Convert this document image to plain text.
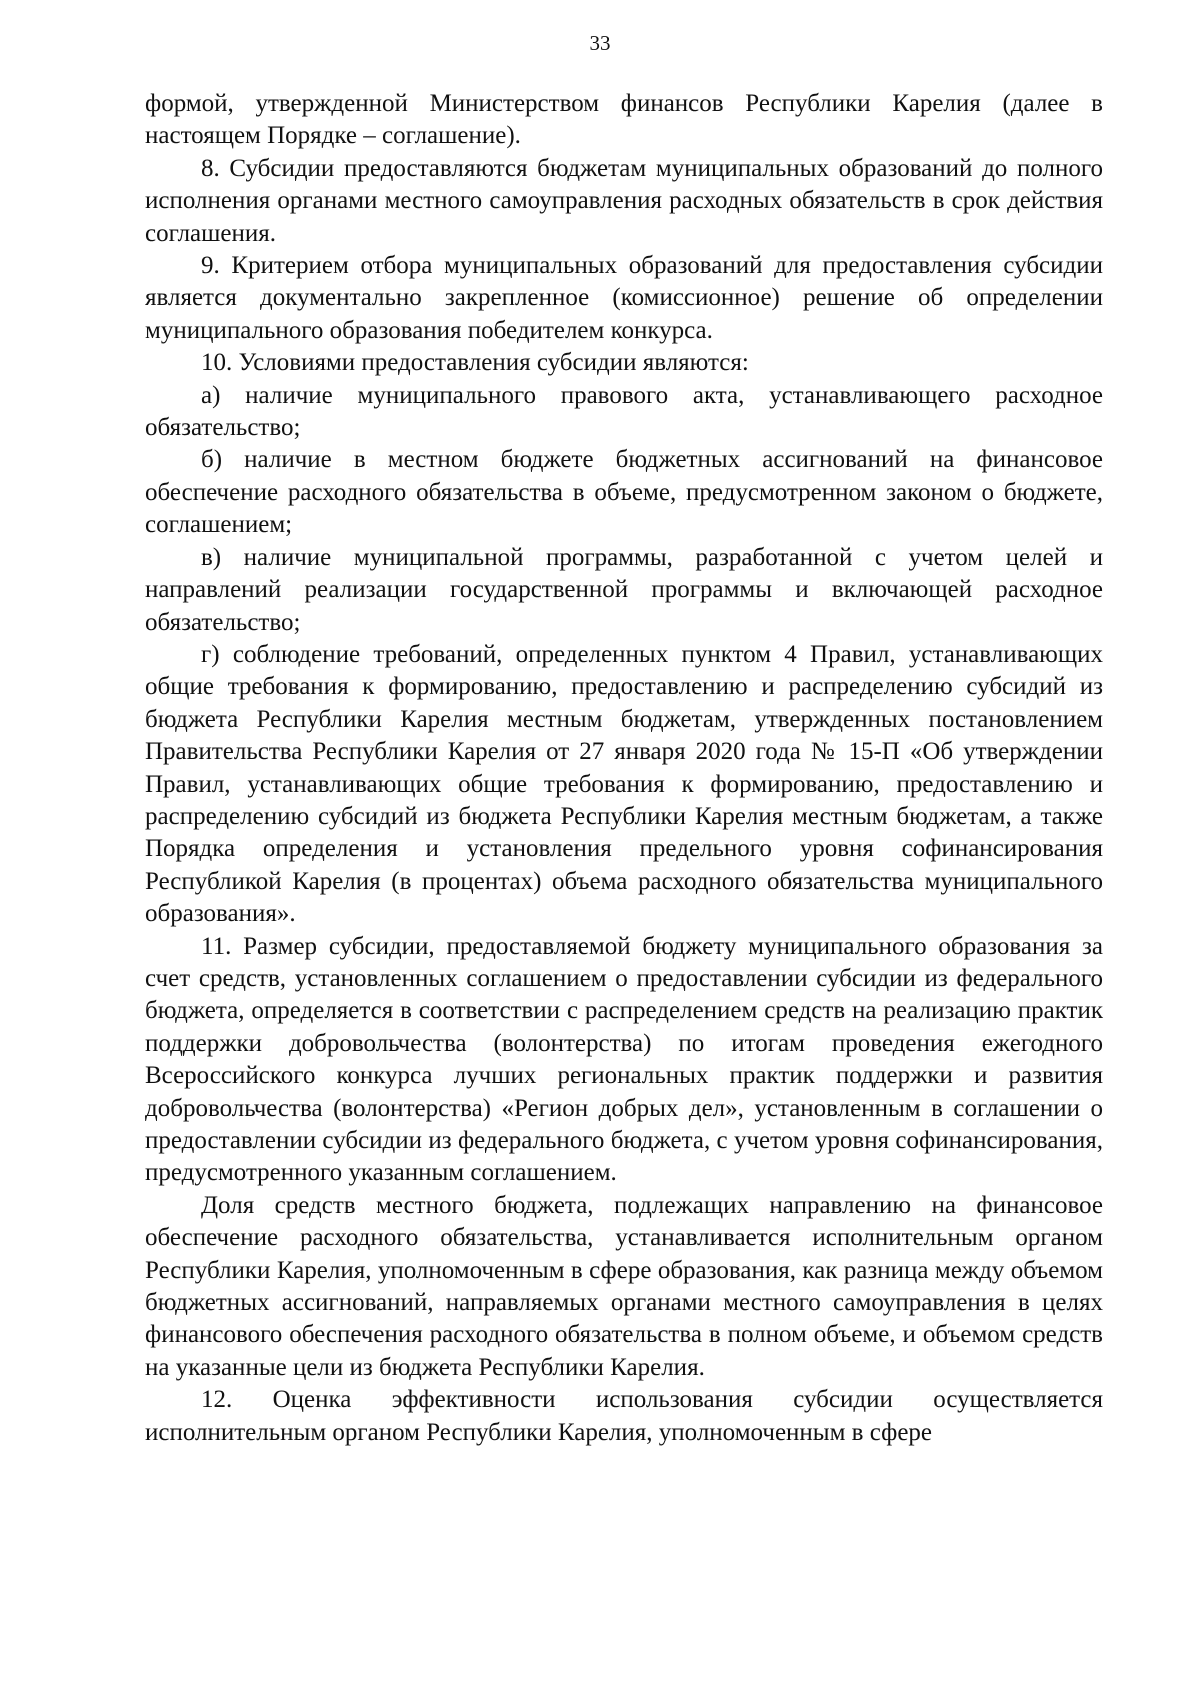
33

формой, утвержденной Министерством финансов Республики Карелия (далее в настоящем Порядке – соглашение).

8. Субсидии предоставляются бюджетам муниципальных образований до полного исполнения органами местного самоуправления расходных обязательств в срок действия соглашения.

9. Критерием отбора муниципальных образований для предоставления субсидии является документально закрепленное (комиссионное) решение об определении муниципального образования победителем конкурса.

10. Условиями предоставления субсидии являются:

а) наличие муниципального правового акта, устанавливающего расходное обязательство;

б) наличие в местном бюджете бюджетных ассигнований на финансовое обеспечение расходного обязательства в объеме, предусмотренном законом о бюджете, соглашением;

в) наличие муниципальной программы, разработанной с учетом целей и направлений реализации государственной программы и включающей расходное обязательство;

г) соблюдение требований, определенных пунктом 4 Правил, устанавливающих общие требования к формированию, предоставлению и распределению субсидий из бюджета Республики Карелия местным бюджетам, утвержденных постановлением Правительства Республики Карелия от 27 января 2020 года № 15-П «Об утверждении Правил, устанавливающих общие требования к формированию, предоставлению и распределению субсидий из бюджета Республики Карелия местным бюджетам, а также Порядка определения и установления предельного уровня софинансирования Республикой Карелия (в процентах) объема расходного обязательства муниципального образования».

11. Размер субсидии, предоставляемой бюджету муниципального образования за счет средств, установленных соглашением о предоставлении субсидии из федерального бюджета, определяется в соответствии с распределением средств на реализацию практик поддержки добровольчества (волонтерства) по итогам проведения ежегодного Всероссийского конкурса лучших региональных практик поддержки и развития добровольчества (волонтерства) «Регион добрых дел», установленным в соглашении о предоставлении субсидии из федерального бюджета, с учетом уровня софинансирования, предусмотренного указанным соглашением.

Доля средств местного бюджета, подлежащих направлению на финансовое обеспечение расходного обязательства, устанавливается исполнительным органом Республики Карелия, уполномоченным в сфере образования, как разница между объемом бюджетных ассигнований, направляемых органами местного самоуправления в целях финансового обеспечения расходного обязательства в полном объеме, и объемом средств на указанные цели из бюджета Республики Карелия.

12. Оценка эффективности использования субсидии осуществляется исполнительным органом Республики Карелия, уполномоченным в сфере
